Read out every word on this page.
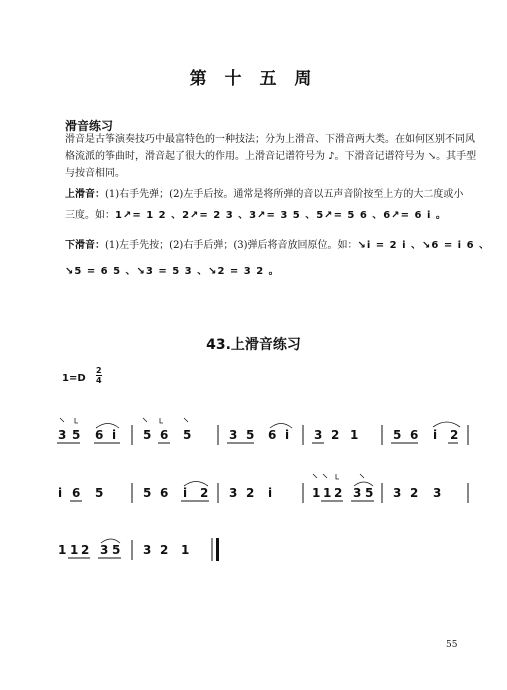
第 十 五 周
滑音练习
滑音是古筝演奏技巧中最富特色的一种技法；分为上滑音、下滑音两大类。在如何区别不同风格流派的筝曲时，滑音起了很大的作用。上滑音记谱符号为 ♪。下滑音记谱符号为 ↘。其手型与按音相同。
上滑音：(1)右手先弹；(2)左手后按。通常是将所弹的音以五声音阶按至上方的大二度或小
三度。如：1↗= 1 2 、2↗= 2 3 、3↗= 3 5 、5↗= 5 6 、6↗= 6 i 。
下滑音：(1)左手先按；(2)右手后弹；(3)弹后将音放回原位。如：↘i = 2 i 、↘6 = i 6 、
↘5 = 6 5 、↘3 = 5 3 、↘2 = 3 2 。
43.上滑音练习
1=D
2
4
3 5 6 i 5 6 5	3 5 6 i 3 2 1	5 6 i 2
i 6 5	5 6 i 2 3 2 i	1 1 2 3 5 3 2 3
1 1 2 3 5 3 2 1
55
